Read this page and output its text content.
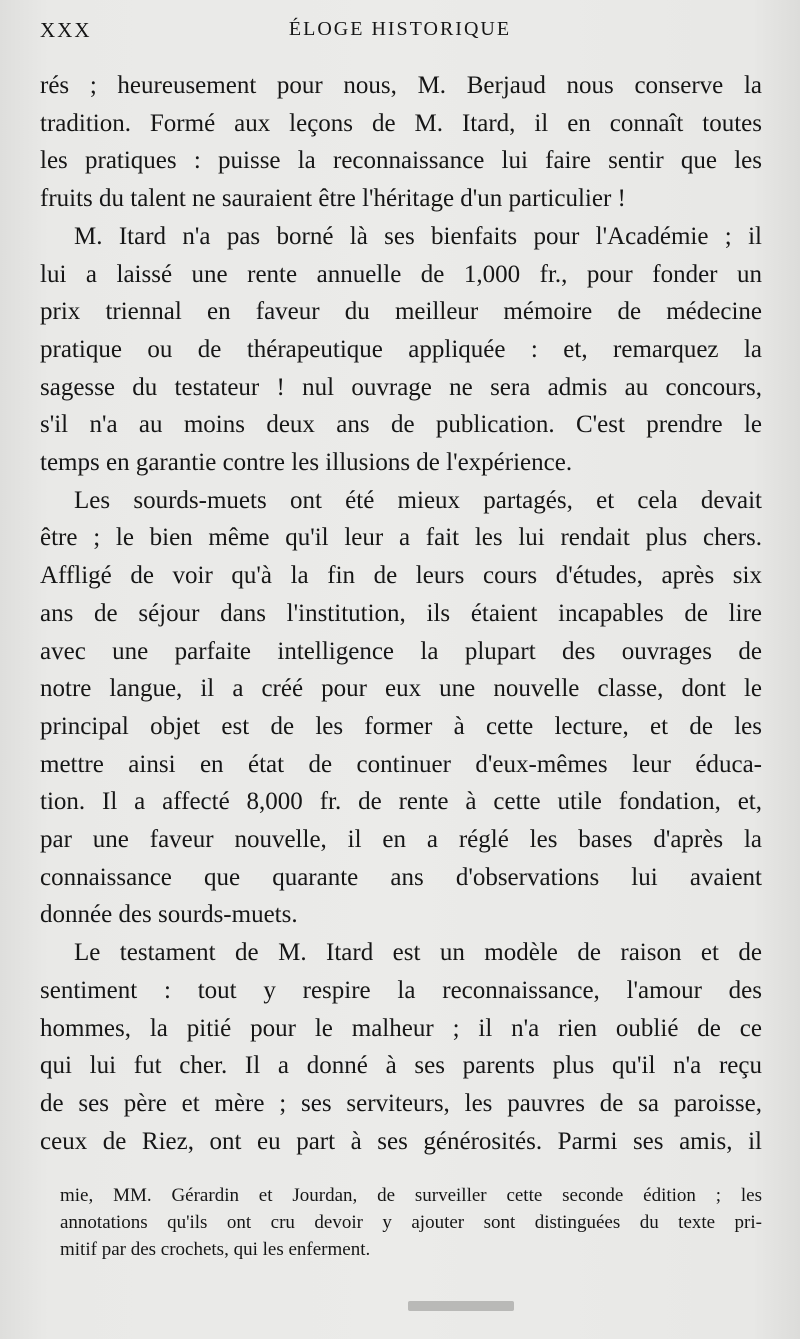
XXX	ÉLOGE HISTORIQUE

rés ; heureusement pour nous, M. Berjaud nous conserve la
tradition. Formé aux leçons de M. Itard, il en connaît toutes
les pratiques : puisse la reconnaissance lui faire sentir que les
fruits du talent ne sauraient être l'héritage d'un particulier !

M. Itard n'a pas borné là ses bienfaits pour l'Académie ; il
lui a laissé une rente annuelle de 1,000 fr., pour fonder un
prix triennal en faveur du meilleur mémoire de médecine
pratique ou de thérapeutique appliquée : et, remarquez la
sagesse du testateur ! nul ouvrage ne sera admis au concours,
s'il n'a au moins deux ans de publication. C'est prendre le
temps en garantie contre les illusions de l'expérience.

Les sourds-muets ont été mieux partagés, et cela devait
être ; le bien même qu'il leur a fait les lui rendait plus chers.
Affligé de voir qu'à la fin de leurs cours d'études, après six
ans de séjour dans l'institution, ils étaient incapables de lire
avec une parfaite intelligence la plupart des ouvrages de
notre langue, il a créé pour eux une nouvelle classe, dont le
principal objet est de les former à cette lecture, et de les
mettre ainsi en état de continuer d'eux-mêmes leur éduca-
tion. Il a affecté 8,000 fr. de rente à cette utile fondation, et,
par une faveur nouvelle, il en a réglé les bases d'après la
connaissance que quarante ans d'observations lui avaient
donnée des sourds-muets.

Le testament de M. Itard est un modèle de raison et de
sentiment : tout y respire la reconnaissance, l'amour des
hommes, la pitié pour le malheur ; il n'a rien oublié de ce
qui lui fut cher. Il a donné à ses parents plus qu'il n'a reçu
de ses père et mère ; ses serviteurs, les pauvres de sa paroisse,
ceux de Riez, ont eu part à ses générosités. Parmi ses amis, il

mie, MM. Gérardin et Jourdan, de surveiller cette seconde édition ; les
annotations qu'ils ont cru devoir y ajouter sont distinguées du texte pri-
mitif par des crochets, qui les enferment.
